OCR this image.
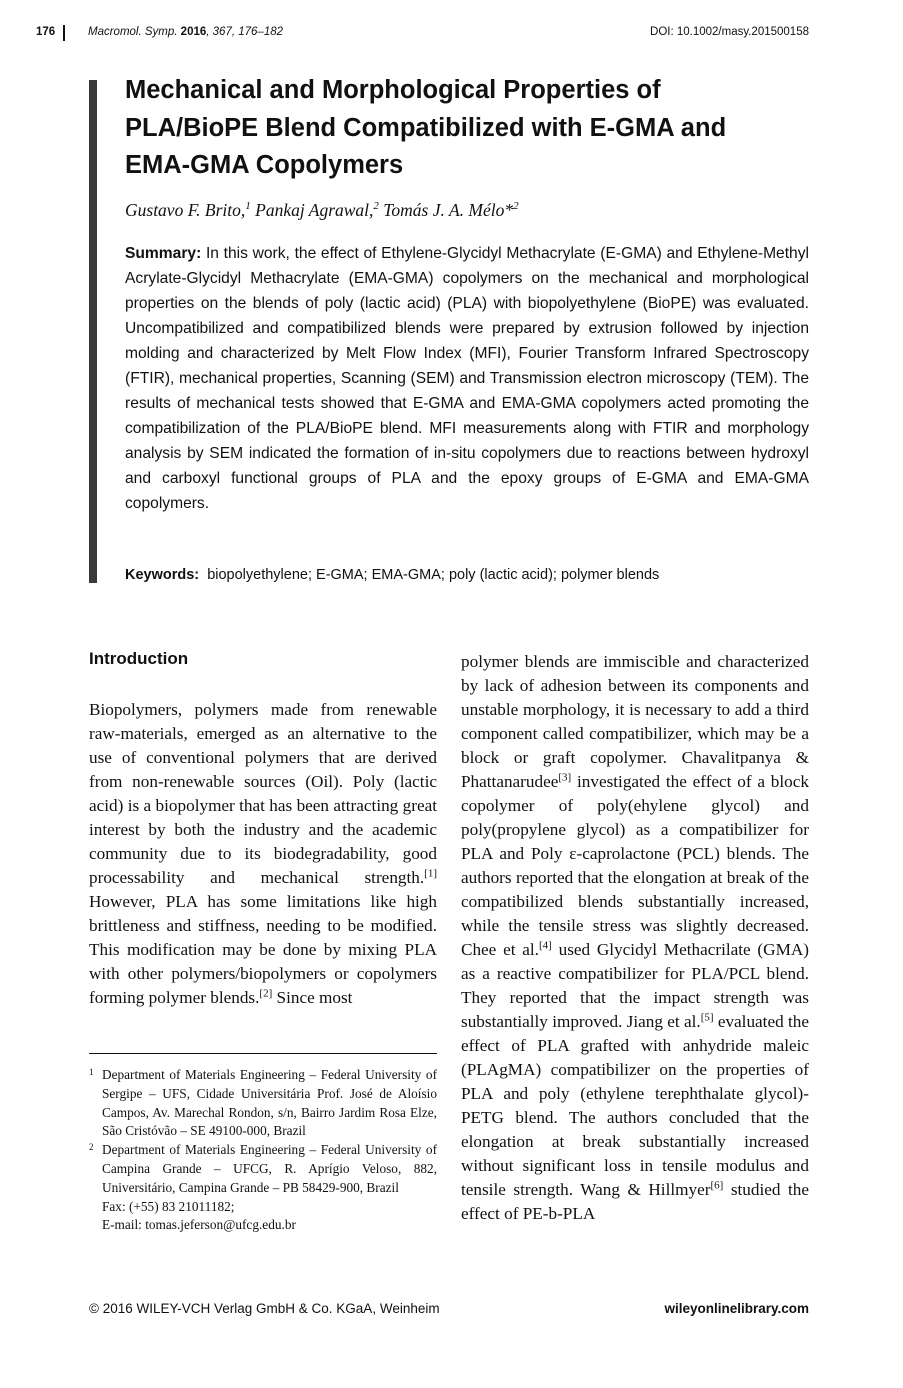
176	Macromol. Symp. 2016, 367, 176–182	DOI: 10.1002/masy.201500158
Mechanical and Morphological Properties of PLA/BioPE Blend Compatibilized with E-GMA and EMA-GMA Copolymers
Gustavo F. Brito,$^1$ Pankaj Agrawal,$^2$ Tomás J. A. Mélo*$^2$

Summary: In this work, the effect of Ethylene-Glycidyl Methacrylate (E-GMA) and Ethylene-Methyl Acrylate-Glycidyl Methacrylate (EMA-GMA) copolymers on the mechanical and morphological properties on the blends of poly (lactic acid) (PLA) with biopolyethylene (BioPE) was evaluated. Uncompatibilized and compatibilized blends were prepared by extrusion followed by injection molding and characterized by Melt Flow Index (MFI), Fourier Transform Infrared Spectroscopy (FTIR), mechanical properties, Scanning (SEM) and Transmission electron microscopy (TEM). The results of mechanical tests showed that E-GMA and EMA-GMA copolymers acted promoting the compatibilization of the PLA/BioPE blend. MFI measurements along with FTIR and morphology analysis by SEM indicated the formation of in-situ copolymers due to reactions between hydroxyl and carboxyl functional groups of PLA and the epoxy groups of E-GMA and EMA-GMA copolymers.

Keywords: biopolyethylene; E-GMA; EMA-GMA; poly (lactic acid); polymer blends
Introduction

Biopolymers, polymers made from renewable raw-materials, emerged as an alternative to the use of conventional polymers that are derived from non-renewable sources (Oil). Poly (lactic acid) is a biopolymer that has been attracting great interest by both the industry and the academic community due to its biodegradability, good processability and mechanical strength.[1] However, PLA has some limitations like high brittleness and stiffness, needing to be modified. This modification may be done by mixing PLA with other polymers/biopolymers or copolymers forming polymer blends.[2] Since most

polymer blends are immiscible and characterized by lack of adhesion between its components and unstable morphology, it is necessary to add a third component called compatibilizer, which may be a block or graft copolymer. Chavalitpanya & Phattanarudee[3] investigated the effect of a block copolymer of poly(ehylene glycol) and poly(propylene glycol) as a compatibilizer for PLA and Poly ε-caprolactone (PCL) blends. The authors reported that the elongation at break of the compatibilized blends substantially increased, while the tensile stress was slightly decreased. Chee et al.[4] used Glycidyl Methacrilate (GMA) as a reactive compatibilizer for PLA/PCL blend. They reported that the impact strength was substantially improved. Jiang et al.[5] evaluated the effect of PLA grafted with anhydride maleic (PLAgMA) compatibilizer on the properties of PLA and poly (ethylene terephthalate glycol)-PETG blend. The authors concluded that the elongation at break substantially increased without significant loss in tensile modulus and tensile strength. Wang & Hillmyer[6] studied the effect of PE-b-PLA

1 Department of Materials Engineering – Federal University of Sergipe – UFS, Cidade Universitária Prof. José de Aloísio Campos, Av. Marechal Rondon, s/n, Bairro Jardim Rosa Elze, São Cristóvão – SE 49100-000, Brazil
2 Department of Materials Engineering – Federal University of Campina Grande – UFCG, R. Aprígio Veloso, 882, Universitário, Campina Grande – PB 58429-900, Brazil
Fax: (+55) 83 21011182;
E-mail: tomas.jeferson@ufcg.edu.br
© 2016 WILEY-VCH Verlag GmbH & Co. KGaA, Weinheim	wileyonlinelibrary.com
